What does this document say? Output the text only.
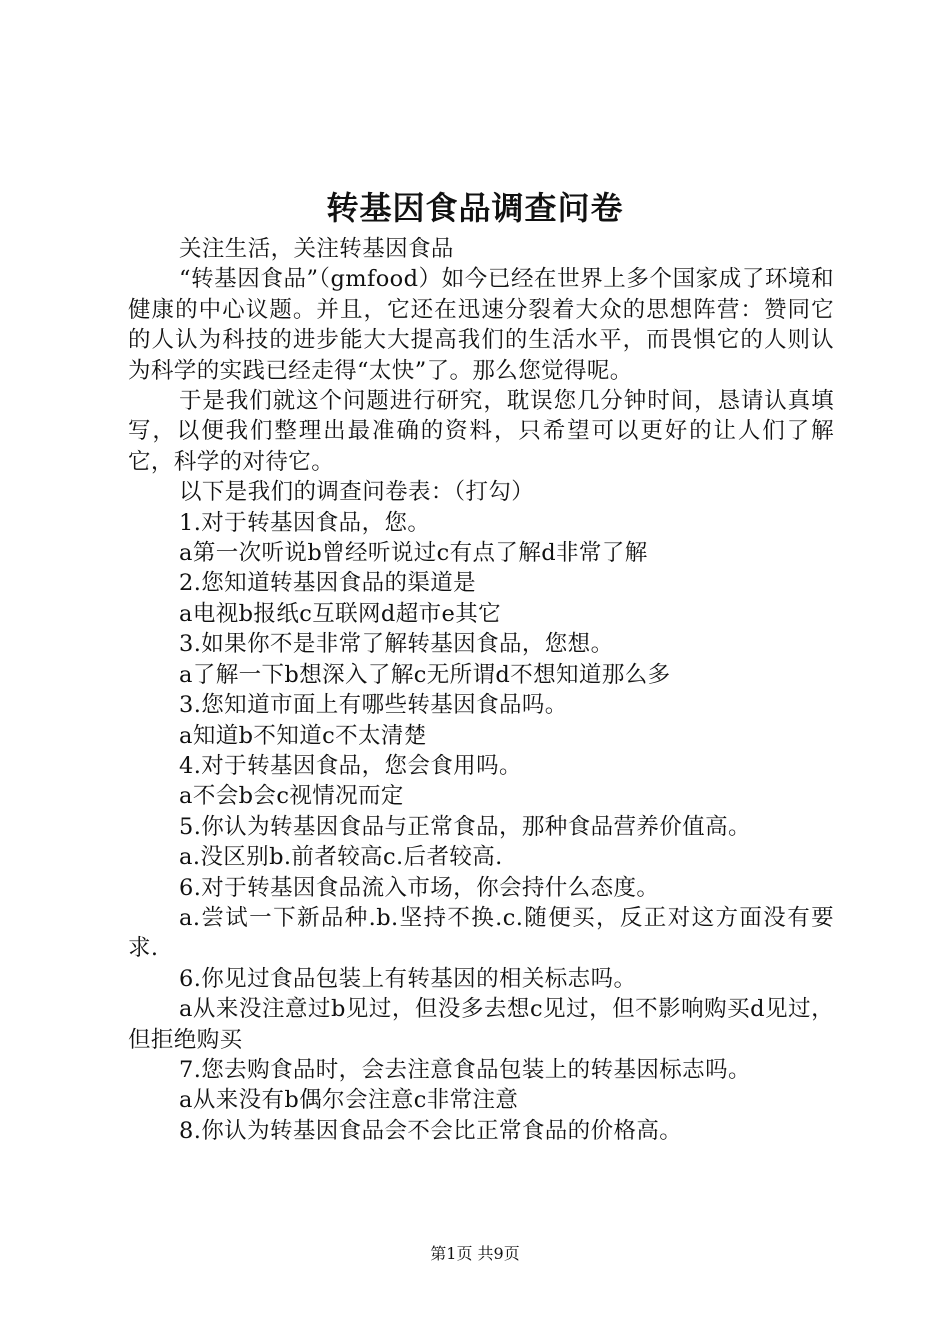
转基因食品调查问卷

关注生活，关注转基因食品

“转基因食品”（gmfood）如今已经在世界上多个国家成了环境和健康的中心议题。并且，它还在迅速分裂着大众的思想阵营：赞同它的人认为科技的进步能大大提高我们的生活水平，而畏惧它的人则认为科学的实践已经走得“太快”了。那么您觉得呢。

于是我们就这个问题进行研究，耽误您几分钟时间，恳请认真填写，以便我们整理出最准确的资料，只希望可以更好的让人们了解它，科学的对待它。

以下是我们的调查问卷表：（打勾）

1.对于转基因食品，您。

a第一次听说b曾经听说过c有点了解d非常了解

2.您知道转基因食品的渠道是

a电视b报纸c互联网d超市e其它

3.如果你不是非常了解转基因食品，您想。

a了解一下b想深入了解c无所谓d不想知道那么多

3.您知道市面上有哪些转基因食品吗。

a知道b不知道c不太清楚

4.对于转基因食品，您会食用吗。

a不会b会c视情况而定

5.你认为转基因食品与正常食品，那种食品营养价值高。

a.没区别b.前者较高c.后者较高.

6.对于转基因食品流入市场，你会持什么态度。

a.尝试一下新品种.b.坚持不换.c.随便买，反正对这方面没有要求.

6.你见过食品包装上有转基因的相关标志吗。

a从来没注意过b见过，但没多去想c见过，但不影响购买d见过，但拒绝购买

7.您去购食品时，会去注意食品包装上的转基因标志吗。

a从来没有b偶尔会注意c非常注意

8.你认为转基因食品会不会比正常食品的价格高。

第1页 共9页
